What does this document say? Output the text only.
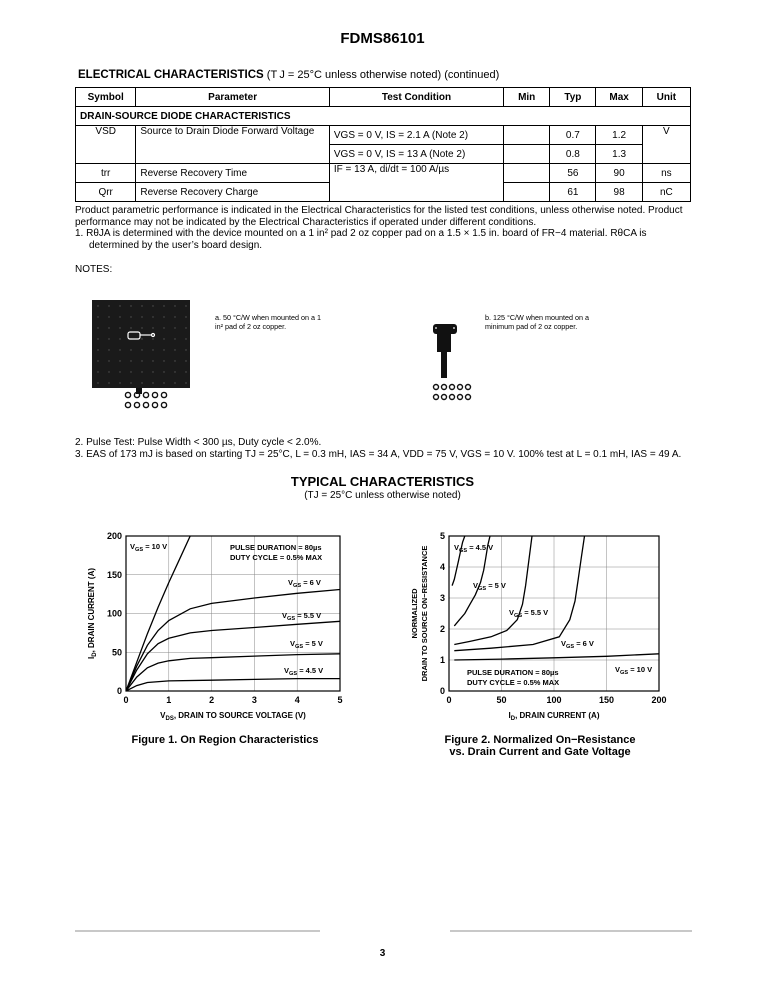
FDMS86101
ELECTRICAL CHARACTERISTICS (T J = 25°C unless otherwise noted) (continued)
Symbol	Parameter	Test Condition	Min	Typ	Max	Unit
DRAIN-SOURCE DIODE CHARACTERISTICS						
VSD	Source to Drain Diode Forward Voltage	VGS = 0 V, IS = 2.1 A (Note 2)		0.7	1.2	V
		VGS = 0 V, IS = 13 A (Note 2)		0.8	1.3	
trr	Reverse Recovery Time	IF = 13 A, di/dt = 100 A/µs		56	90	ns
Qrr	Reverse Recovery Charge			61	98	nC
Product parametric performance is indicated in the Electrical Characteristics for the listed test conditions, unless otherwise noted. Product performance may not be indicated by the Electrical Characteristics if operated under different conditions.
1. RθJA is determined with the device mounted on a 1 in² pad 2 oz copper pad on a 1.5 × 1.5 in. board of FR−4 material. RθCA is determined by the user’s board design.
NOTES:
a. 50 °C/W when mounted on a 1 in² pad of 2 oz copper.
b. 125 °C/W when mounted on a minimum pad of 2 oz copper.
2. Pulse Test: Pulse Width < 300 µs, Duty cycle < 2.0%.
3. EAS of 173 mJ is based on starting TJ = 25°C, L = 0.3 mH, IAS = 34 A, VDD = 75 V, VGS = 10 V. 100% test at L = 0.1 mH, IAS = 49 A.
TYPICAL CHARACTERISTICS
(TJ = 25°C unless otherwise noted)
0	1	2	3	4	5
0
50
100
150
200
$V_{DS}$, DRAIN TO SOURCE VOLTAGE (V)
$I_D$, DRAIN CURRENT (A)
$V_{GS} = 10$ V
$V_{GS} = 6$ V
$V_{GS} = 5.5$ V
$V_{GS} = 5$ V
$V_{GS} = 4.5$ V
PULSE DURATION = 80µs
DUTY CYCLE = 0.5% MAX
Figure 1. On Region Characteristics
0	50	100	150	200
0
1
2
3
4
5
$I_D$, DRAIN CURRENT (A)
NORMALIZED DRAIN TO SOURCE ON−RESISTANCE	$V_{GS} = 4.5$ V
$V_{GS} = 5$ V
$V_{GS} = 5.5$ V
$V_{GS} = 6$ V
$V_{GS} = 10$ V
PULSE DURATION = 80µs
DUTY CYCLE = 0.5% MAX
Figure 2. Normalized On−Resistance
vs. Drain Current and Gate Voltage
3
